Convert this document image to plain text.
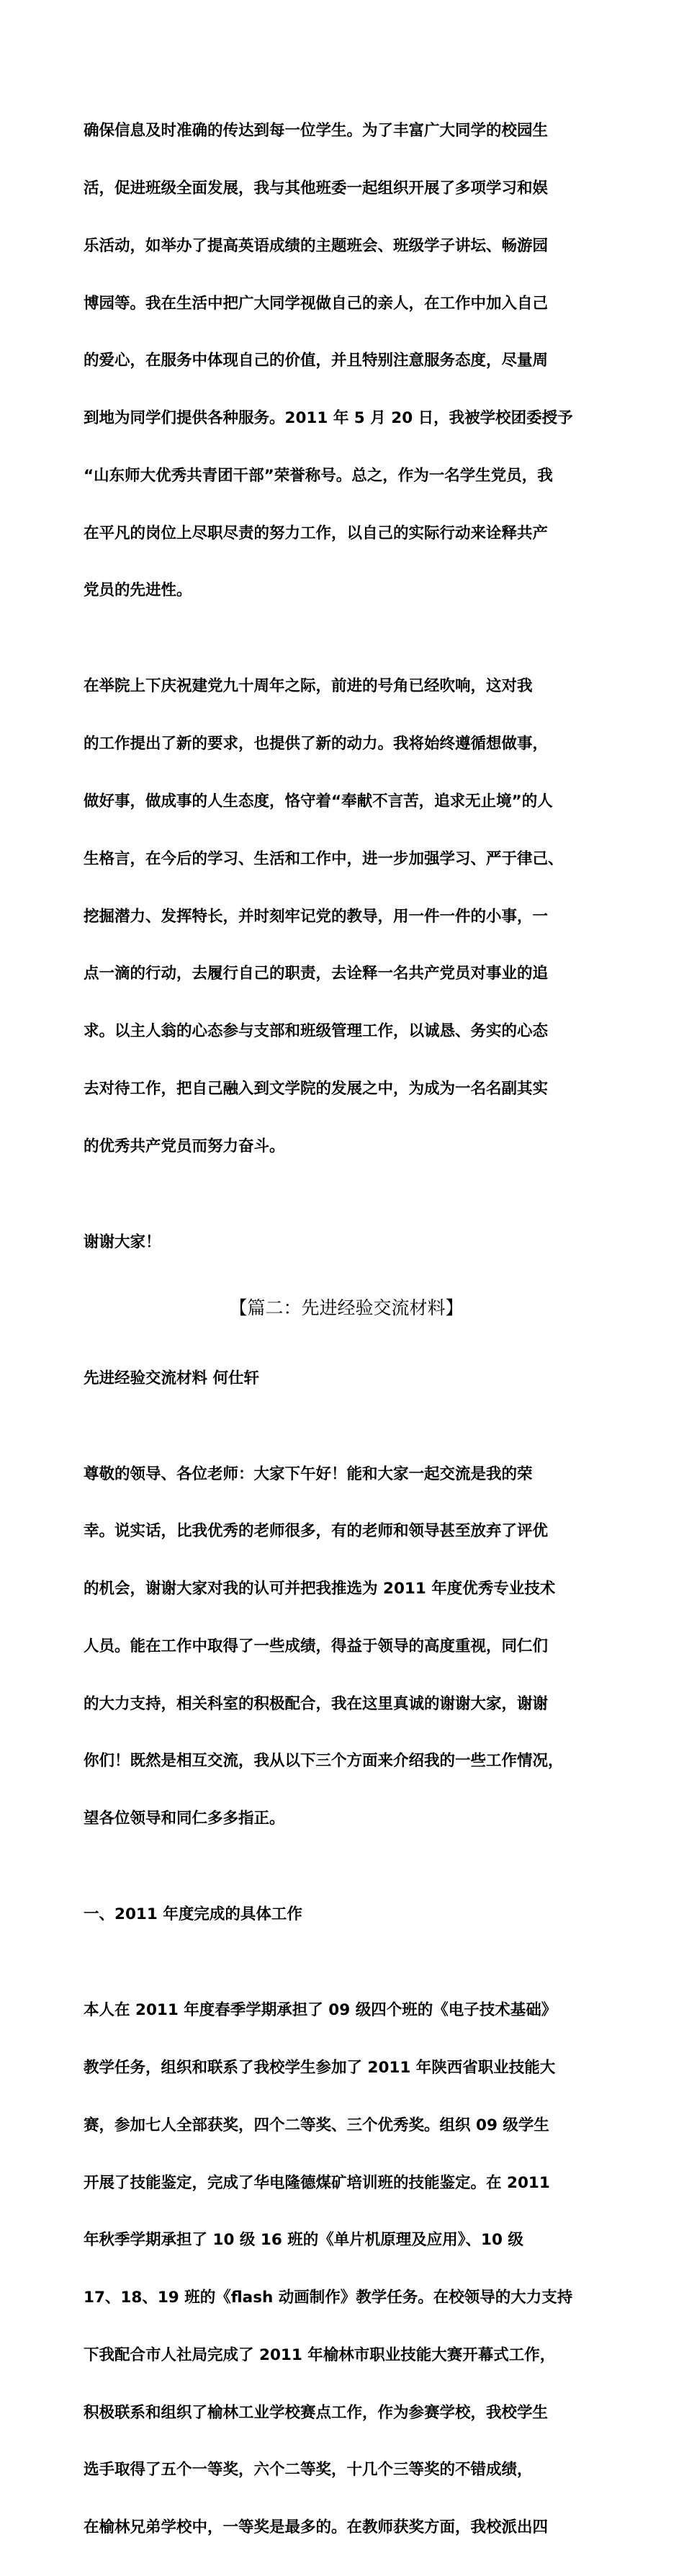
确保信息及时准确的传达到每一位学生。为了丰富广大同学的校园生

活，促进班级全面发展，我与其他班委一起组织开展了多项学习和娱

乐活动，如举办了提高英语成绩的主题班会、班级学子讲坛、畅游园

博园等。我在生活中把广大同学视做自己的亲人，在工作中加入自己

的爱心，在服务中体现自己的价值，并且特别注意服务态度，尽量周

到地为同学们提供各种服务。2011 年 5 月 20 日，我被学校团委授予

“山东师大优秀共青团干部”荣誉称号。总之，作为一名学生党员，我

在平凡的岗位上尽职尽责的努力工作，以自己的实际行动来诠释共产

党员的先进性。

在举院上下庆祝建党九十周年之际，前进的号角已经吹响，这对我

的工作提出了新的要求，也提供了新的动力。我将始终遵循想做事，

做好事，做成事的人生态度，恪守着“奉献不言苦，追求无止境”的人

生格言，在今后的学习、生活和工作中，进一步加强学习、严于律己、

挖掘潜力、发挥特长，并时刻牢记党的教导，用一件一件的小事，一

点一滴的行动，去履行自己的职责，去诠释一名共产党员对事业的追

求。以主人翁的心态参与支部和班级管理工作，以诚恳、务实的心态

去对待工作，把自己融入到文学院的发展之中，为成为一名名副其实

的优秀共产党员而努力奋斗。

谢谢大家！

【篇二：先进经验交流材料】

先进经验交流材料 何仕轩

尊敬的领导、各位老师：大家下午好！能和大家一起交流是我的荣

幸。说实话，比我优秀的老师很多，有的老师和领导甚至放弃了评优

的机会，谢谢大家对我的认可并把我推选为 2011 年度优秀专业技术

人员。能在工作中取得了一些成绩，得益于领导的高度重视，同仁们

的大力支持，相关科室的积极配合，我在这里真诚的谢谢大家，谢谢

你们！既然是相互交流，我从以下三个方面来介绍我的一些工作情况，

望各位领导和同仁多多指正。

一、2011 年度完成的具体工作

本人在 2011 年度春季学期承担了 09 级四个班的《电子技术基础》

教学任务，组织和联系了我校学生参加了 2011 年陕西省职业技能大

赛，参加七人全部获奖，四个二等奖、三个优秀奖。组织 09 级学生

开展了技能鉴定，完成了华电隆德煤矿培训班的技能鉴定。在 2011

年秋季学期承担了 10 级 16 班的《单片机原理及应用》、10 级

17、18、19 班的《flash 动画制作》教学任务。在校领导的大力支持

下我配合市人社局完成了 2011 年榆林市职业技能大赛开幕式工作，

积极联系和组织了榆林工业学校赛点工作，作为参赛学校，我校学生

选手取得了五个一等奖，六个二等奖，十几个三等奖的不错成绩，

在榆林兄弟学校中，一等奖是最多的。在教师获奖方面，我校派出四
